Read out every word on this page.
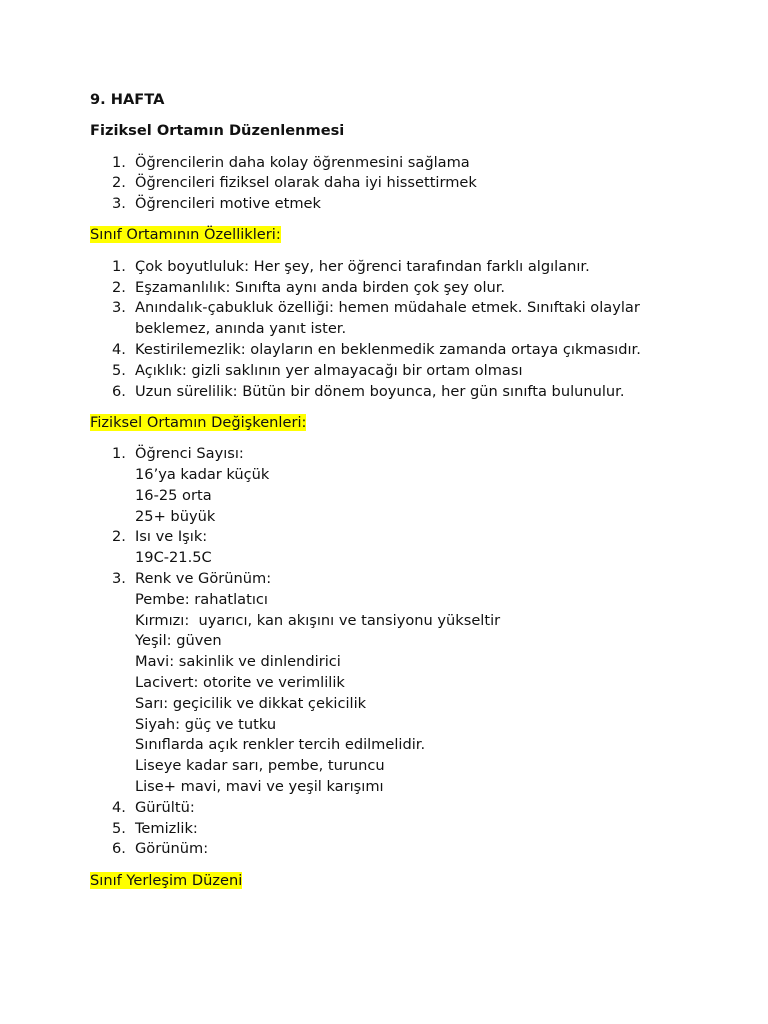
9. HAFTA
Fiziksel Ortamın Düzenlenmesi
1. Öğrencilerin daha kolay öğrenmesini sağlama
2. Öğrencileri fiziksel olarak daha iyi hissettirmek
3. Öğrencileri motive etmek
Sınıf Ortamının Özellikleri:
1. Çok boyutluluk: Her şey, her öğrenci tarafından farklı algılanır.
2. Eşzamanlılık: Sınıfta aynı anda birden çok şey olur.
3. Anındalık-çabukluk özelliği: hemen müdahale etmek. Sınıftaki olaylar
beklemez, anında yanıt ister.
4. Kestirilemezlik: olayların en beklenmedik zamanda ortaya çıkmasıdır.
5. Açıklık: gizli saklının yer almayacağı bir ortam olması
6. Uzun sürelilik: Bütün bir dönem boyunca, her gün sınıfta bulunulur.
Fiziksel Ortamın Değişkenleri:
1. Öğrenci Sayısı:
16’ya kadar küçük
16-25 orta
25+ büyük
2. Isı ve Işık:
19C-21.5C
3. Renk ve Görünüm:
Pembe: rahatlatıcı
Kırmızı:  uyarıcı, kan akışını ve tansiyonu yükseltir
Yeşil: güven
Mavi: sakinlik ve dinlendirici
Lacivert: otorite ve verimlilik
Sarı: geçicilik ve dikkat çekicilik
Siyah: güç ve tutku
Sınıflarda açık renkler tercih edilmelidir.
Liseye kadar sarı, pembe, turuncu
Lise+ mavi, mavi ve yeşil karışımı
4. Gürültü:
5. Temizlik:
6. Görünüm:
Sınıf Yerleşim Düzeni
